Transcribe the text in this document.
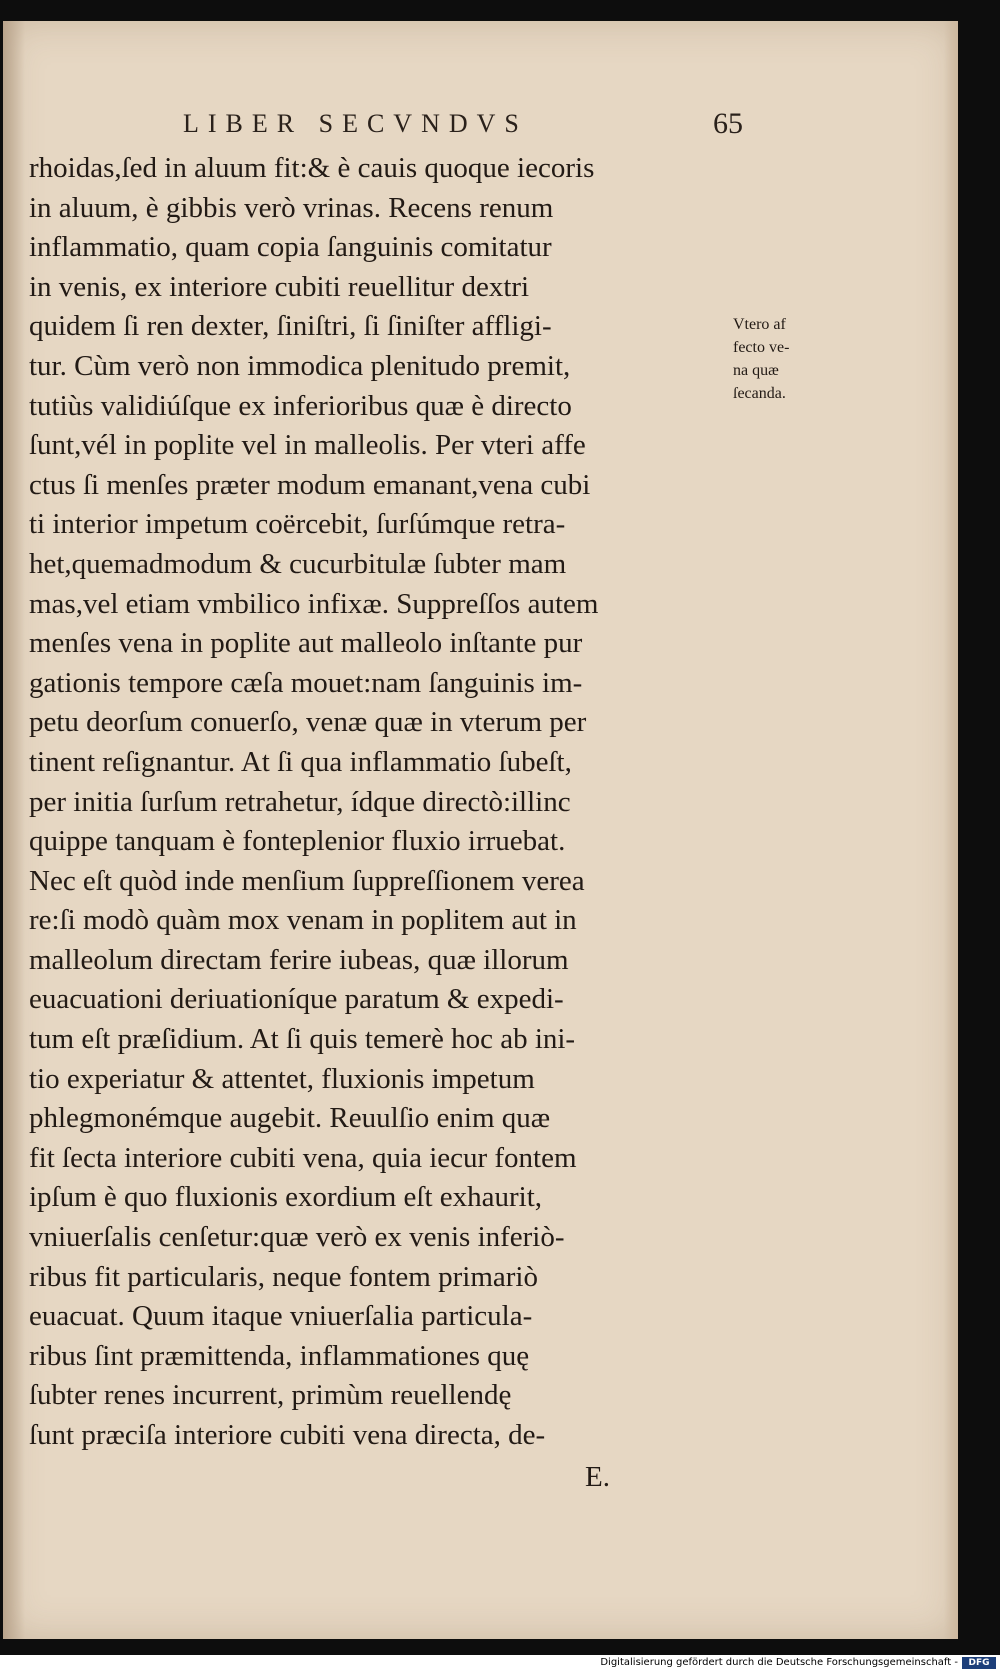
LIBER SECVNDVS	65
rhoidas,ſed in aluum fit:& è cauis quoque iecoris
in aluum, è gibbis verò vrinas. Recens renum
inflammatio, quam copia ſanguinis comitatur
in venis, ex interiore cubiti reuellitur dextri
quidem ſi ren dexter, ſiniſtri, ſi ſiniſter affligi-
tur. Cùm verò non immodica plenitudo premit,
tutiùs validiúſque ex inferioribus quæ è directo
ſunt,vél in poplite vel in malleolis. Per vteri affe
ctus ſi menſes præter modum emanant,vena cubi
ti interior impetum coërcebit, ſurſúmque retra-
het,quemadmodum & cucurbitulæ ſubter mam
mas,vel etiam vmbilico infixæ. Suppreſſos autem
menſes vena in poplite aut malleolo inſtante pur
gationis tempore cæſa mouet:nam ſanguinis im-
petu deorſum conuerſo, venæ quæ in vterum per
tinent reſignantur. At ſi qua inflammatio ſubeſt,
per initia ſurſum retrahetur, ídque directò:illinc
quippe tanquam è fonteplenior fluxio irruebat.
Nec eſt quòd inde menſium ſuppreſſionem verea
re:ſi modò quàm mox venam in poplitem aut in
malleolum directam ferire iubeas, quæ illorum
euacuationi deriuationíque paratum & expedi-
tum eſt præſidium. At ſi quis temerè hoc ab ini-
tio experiatur & attentet, fluxionis impetum
phlegmonémque augebit. Reuulſio enim quæ
fit ſecta interiore cubiti vena, quia iecur fontem
ipſum è quo fluxionis exordium eſt exhaurit,
vniuerſalis cenſetur:quæ verò ex venis inferiò-
ribus fit particularis, neque fontem primariò
euacuat. Quum itaque vniuerſalia particula-
ribus ſint præmittenda, inflammationes quę
ſubter renes incurrent, primùm reuellendę
ſunt præciſa interiore cubiti vena directa, de-
Vtero af
fecto ve-
na quæ
ſecanda.
E.
Digitalisierung gefördert durch die Deutsche Forschungsgemeinschaft -	DFG
